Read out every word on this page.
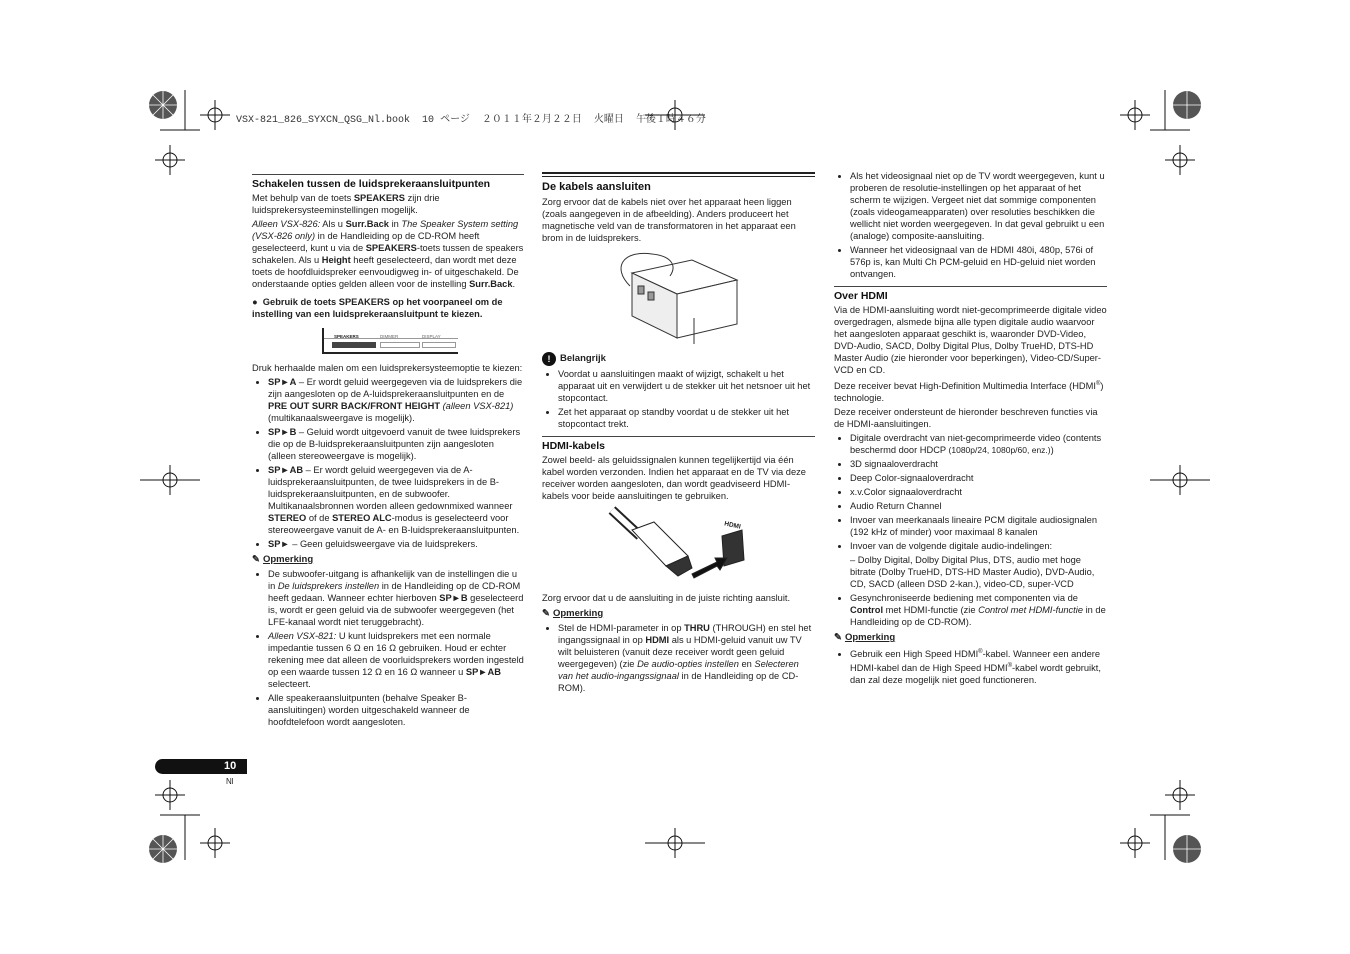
VSX-821_826_SYXCN_QSG_Nl.book 10 ページ ２０１１年２月２２日 火曜日 午後１時４６分
Schakelen tussen de luidsprekeraansluitpunten

Met behulp van de toets SPEAKERS zijn drie luidsprekersysteeminstellingen mogelijk.

Alleen VSX-826: Als u Surr.Back in The Speaker System setting (VSX-826 only) in de Handleiding op de CD-ROM heeft geselecteerd, kunt u via de SPEAKERS-toets tussen de speakers schakelen. Als u Height heeft geselecteerd, dan wordt met deze toets de hoofdluidspreker eenvoudigweg in- of uitgeschakeld. De onderstaande opties gelden alleen voor de instelling Surr.Back.

●  Gebruik de toets SPEAKERS op het voorpaneel om de instelling van een luidsprekeraansluitpunt te kiezen.

SPEAKERS	DIMMER	DISPLAY

Druk herhaalde malen om een luidsprekersysteemoptie te kiezen:

• SP►A – Er wordt geluid weergegeven via de luidsprekers die zijn aangesloten op de A-luidsprekeraansluitpunten en de PRE OUT SURR BACK/FRONT HEIGHT (alleen VSX-821) (multikanaalsweergave is mogelijk).
• SP►B – Geluid wordt uitgevoerd vanuit de twee luidsprekers die op de B-luidsprekeraansluitpunten zijn aangesloten (alleen stereoweergave is mogelijk).
• SP►AB – Er wordt geluid weergegeven via de A-luidsprekeraansluitpunten, de twee luidsprekers in de B-luidsprekeraansluitpunten, en de subwoofer. Multikanaalsbronnen worden alleen gedownmixed wanneer STEREO of de STEREO ALC-modus is geselecteerd voor stereoweergave vanuit de A- en B-luidsprekeraansluitpunten.
• SP► – Geen geluidsweergave via de luidsprekers.
✎ Opmerking
• De subwoofer-uitgang is afhankelijk van de instellingen die u in De luidsprekers instellen in de Handleiding op de CD-ROM heeft gedaan. Wanneer echter hierboven SP►B geselecteerd is, wordt er geen geluid via de subwoofer weergegeven (het LFE-kanaal wordt niet teruggebracht).
• Alleen VSX-821: U kunt luidsprekers met een normale impedantie tussen 6 Ω en 16 Ω gebruiken. Houd er echter rekening mee dat alleen de voorluidsprekers worden ingesteld op een waarde tussen 12 Ω en 16 Ω wanneer u SP►AB selecteert.
• Alle speakeraansluitpunten (behalve Speaker B-aansluitingen) worden uitgeschakeld wanneer de hoofdtelefoon wordt aangesloten.
De kabels aansluiten

Zorg ervoor dat de kabels niet over het apparaat heen liggen (zoals aangegeven in de afbeelding). Anders produceert het magnetische veld van de transformatoren in het apparaat een brom in de luidsprekers.

!	Belangrijk
• Voordat u aansluitingen maakt of wijzigt, schakelt u het apparaat uit en verwijdert u de stekker uit het netsnoer uit het stopcontact.
• Zet het apparaat op standby voordat u de stekker uit het stopcontact trekt.
HDMI-kabels

Zowel beeld- als geluidssignalen kunnen tegelijkertijd via één kabel worden verzonden. Indien het apparaat en de TV via deze receiver worden aangesloten, dan wordt geadviseerd HDMI-kabels voor beide aansluitingen te gebruiken.

HDMI

Zorg ervoor dat u de aansluiting in de juiste richting aansluit.

✎ Opmerking
• Stel de HDMI-parameter in op THRU (THROUGH) en stel het ingangssignaal in op HDMI als u HDMI-geluid vanuit uw TV wilt beluisteren (vanuit deze receiver wordt geen geluid weergegeven) (zie De audio-opties instellen en Selecteren van het audio-ingangssignaal in de Handleiding op de CD-ROM).
• Als het videosignaal niet op de TV wordt weergegeven, kunt u proberen de resolutie-instellingen op het apparaat of het scherm te wijzigen. Vergeet niet dat sommige componenten (zoals videogameapparaten) over resoluties beschikken die wellicht niet worden weergegeven. In dat geval gebruikt u een (analoge) composite-aansluiting.
• Wanneer het videosignaal van de HDMI 480i, 480p, 576i of 576p is, kan Multi Ch PCM-geluid en HD-geluid niet worden ontvangen.
Over HDMI

Via de HDMI-aansluiting wordt niet-gecomprimeerde digitale video overgedragen, alsmede bijna alle typen digitale audio waarvoor het aangesloten apparaat geschikt is, waaronder DVD-Video, DVD-Audio, SACD, Dolby Digital Plus, Dolby TrueHD, DTS-HD Master Audio (zie hieronder voor beperkingen), Video-CD/Super-VCD en CD.

Deze receiver bevat High-Definition Multimedia Interface (HDMI®) technologie.

Deze receiver ondersteunt de hieronder beschreven functies via de HDMI-aansluitingen.

• Digitale overdracht van niet-gecomprimeerde video (contents beschermd door HDCP (1080p/24, 1080p/60, enz.))
• 3D signaaloverdracht
• Deep Color-signaaloverdracht
• x.v.Color signaaloverdracht
• Audio Return Channel
• Invoer van meerkanaals lineaire PCM digitale audiosignalen (192 kHz of minder) voor maximaal 8 kanalen
• Invoer van de volgende digitale audio-indelingen:
– Dolby Digital, Dolby Digital Plus, DTS, audio met hoge bitrate (Dolby TrueHD, DTS-HD Master Audio), DVD-Audio, CD, SACD (alleen DSD 2-kan.), video-CD, super-VCD
• Gesynchroniseerde bediening met componenten via de Control met HDMI-functie (zie Control met HDMI-functie in de Handleiding op de CD-ROM).
✎ Opmerking
• Gebruik een High Speed HDMI®-kabel. Wanneer een andere HDMI-kabel dan de High Speed HDMI®-kabel wordt gebruikt, dan zal deze mogelijk niet goed functioneren.
10
Nl
